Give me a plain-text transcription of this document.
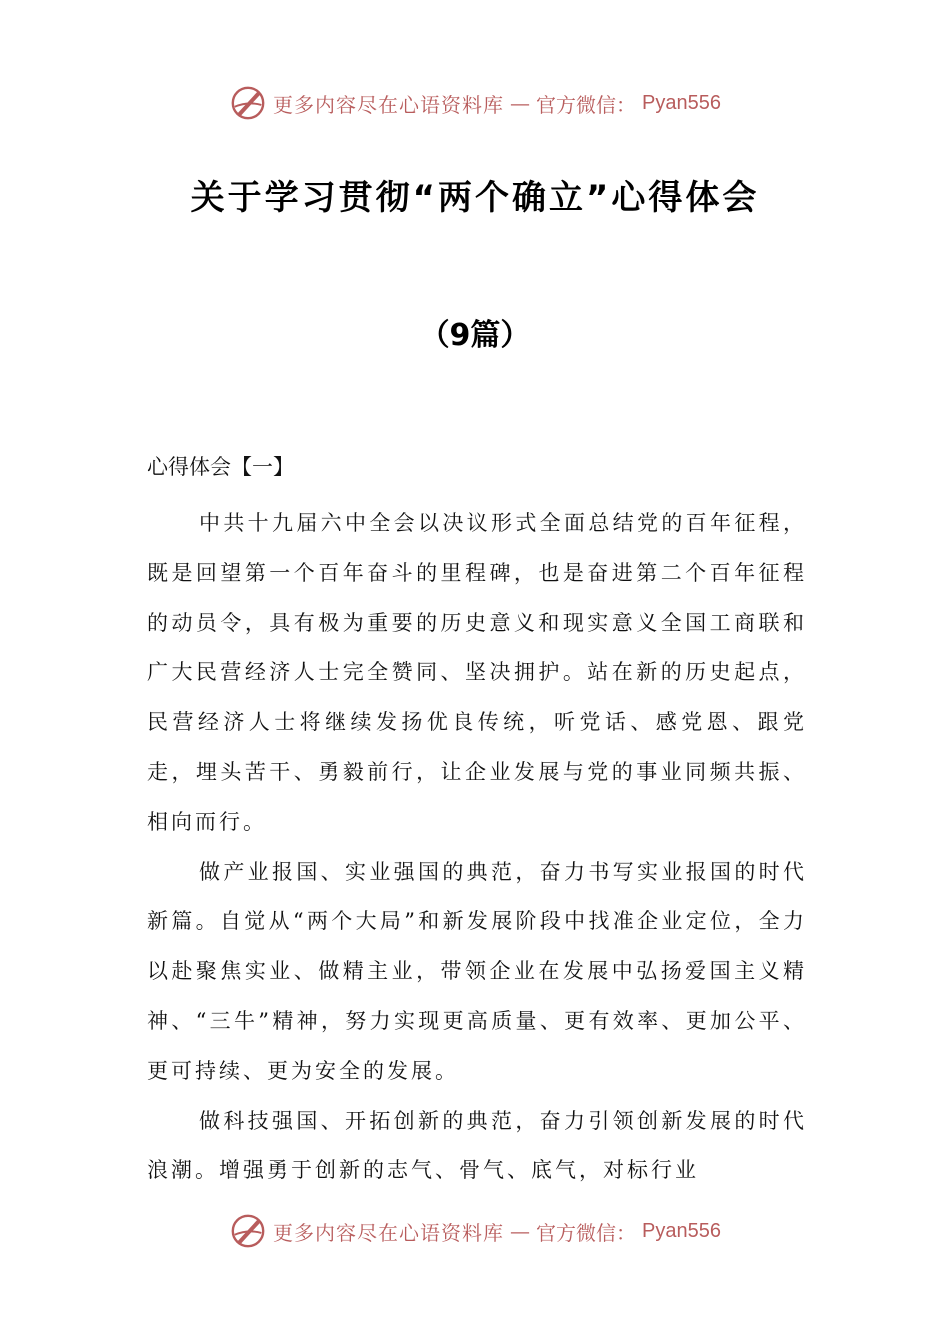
更多内容尽在心语资料库 — 官方微信： Pyan556
关于学习贯彻“两个确立”心得体会
（9篇）
心得体会【一】

中共十九届六中全会以决议形式全面总结党的百年征程，既是回望第一个百年奋斗的里程碑，也是奋进第二个百年征程的动员令，具有极为重要的历史意义和现实意义全国工商联和广大民营经济人士完全赞同、坚决拥护。站在新的历史起点，民营经济人士将继续发扬优良传统，听党话、感党恩、跟党走，埋头苦干、勇毅前行，让企业发展与党的事业同频共振、相向而行。

做产业报国、实业强国的典范，奋力书写实业报国的时代新篇。自觉从“两个大局”和新发展阶段中找准企业定位，全力以赴聚焦实业、做精主业，带领企业在发展中弘扬爱国主义精神、“三牛”精神，努力实现更高质量、更有效率、更加公平、更可持续、更为安全的发展。

做科技强国、开拓创新的典范，奋力引领创新发展的时代浪潮。增强勇于创新的志气、骨气、底气，对标行业

更多内容尽在心语资料库 — 官方微信： Pyan556
